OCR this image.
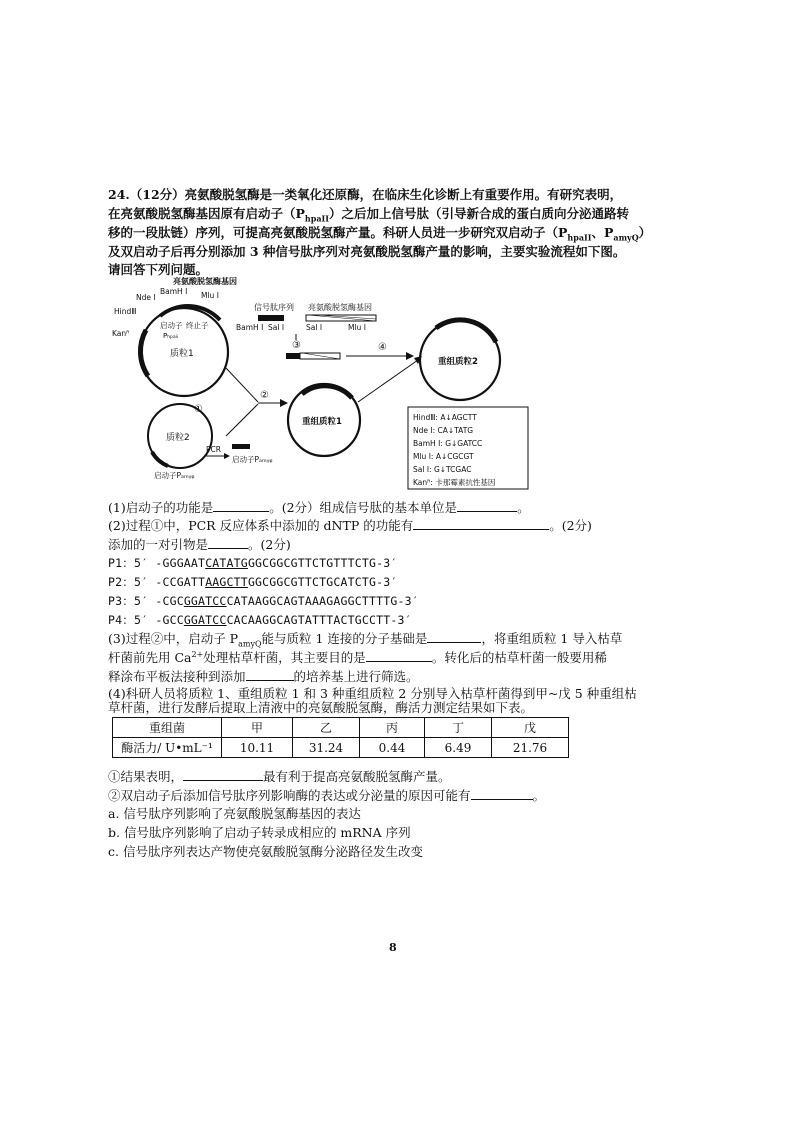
24.（12分）亮氨酸脱氢酶是一类氧化还原酶，在临床生化诊断上有重要作用。有研究表明，
在亮氨酸脱氢酶基因原有启动子$(P_{hpaII})$之后加上信号肽（引导新合成的蛋白质向分泌通路转
移的一段肽链）序列，可提高亮氨酸脱氢酶产量。科研人员进一步研究双启动子（$P_{hpaII}$、$P_{amyQ}$）
及双启动子后再分别添加 3 种信号肽序列对亮氨酸脱氢酶产量的影响，主要实验流程如下图。
请回答下列问题。
质粒1
亮氨酸脱氢酶基因
Nde I
BamH I Mlu I
HindⅢ
启动子 终止子
Pₕₚₐᵢᵢ
Kanᴿ
信号肽序列 亮氨酸脱氢酶基因
BamH I Sal I	Sal I	Mlu I
③	④
重组质粒2
②
重组质粒1
质粒2
①
PCR
启动子Pₐₘᵧᵩ
启动子Pₐₘᵧᵩ
HindⅢ: A↓AGCTT
Nde I: CA↓TATG
BamH I: G↓GATCC
Mlu I: A↓CGCGT
Sal I: G↓TCGAC
Kanᴿ: 卡那霉素抗性基因
(1)启动子的功能是	。(2分）组成信号肽的基本单位是	。
(2)过程①中，PCR 反应体系中添加的 dNTP 的功能有	。(2分)
添加的一对引物是	。(2分)
P1：5′ -GGGAATCATATGGGCGGCGTTCTGTTTCTG-3′
P2：5′ -CCGATTAAGCTTGGCGGCGTTCTGCATCTG-3′
P3：5′ -CGCGGATCCCATAAGGCAGTAAAGAGGCTTTTG-3′
P4：5′ -GCCGGATCCCACAAGGCAGTATTTACTGCCTT-3′
(3)过程②中，启动子 $P_{amyQ}$能与质粒 1 连接的分子基础是	，将重组质粒 1 导入枯草
杆菌前先用 $Ca^{2+}$处理枯草杆菌，其主要目的是	。转化后的枯草杆菌一般要用稀
释涂布平板法接种到添加	的培养基上进行筛选。
(4)科研人员将质粒 1、重组质粒 1 和 3 种重组质粒 2 分别导入枯草杆菌得到甲~戊 5 种重组枯
草杆菌，进行发酵后提取上清液中的亮氨酸脱氢酶，酶活力测定结果如下表。
重组菌	甲	乙	丙	丁	戊
酶活力/ U•mL⁻¹	10.11	31.24	0.44	6.49	21.76
①结果表明，	最有利于提高亮氨酸脱氢酶产量。
②双启动子后添加信号肽序列影响酶的表达或分泌量的原因可能有	。
a. 信号肽序列影响了亮氨酸脱氢酶基因的表达
b. 信号肽序列影响了启动子转录成相应的 mRNA 序列
c. 信号肽序列表达产物使亮氨酸脱氢酶分泌路径发生改变
8
